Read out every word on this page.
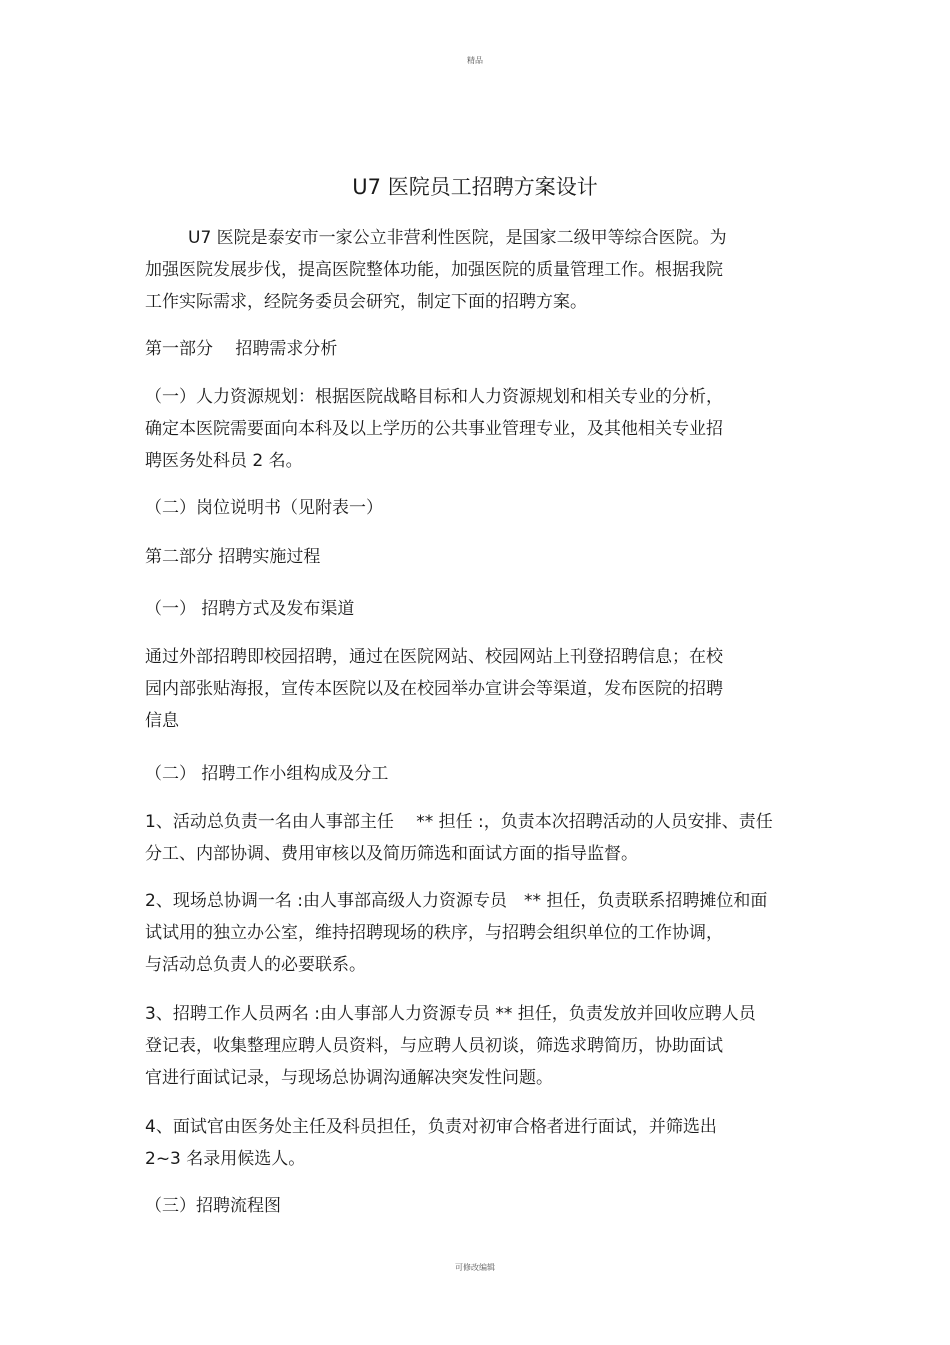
精品
U7 医院员工招聘方案设计
U7 医院是泰安市一家公立非营利性医院，是国家二级甲等综合医院。为
加强医院发展步伐，提高医院整体功能，加强医院的质量管理工作。根据我院
工作实际需求，经院务委员会研究，制定下面的招聘方案。
第一部分　 招聘需求分析
（一）人力资源规划：根据医院战略目标和人力资源规划和相关专业的分析，
确定本医院需要面向本科及以上学历的公共事业管理专业，及其他相关专业招
聘医务处科员 2 名。
（二）岗位说明书（见附表一）
第二部分 招聘实施过程
（一） 招聘方式及发布渠道
通过外部招聘即校园招聘，通过在医院网站、校园网站上刊登招聘信息；在校
园内部张贴海报，宣传本医院以及在校园举办宣讲会等渠道，发布医院的招聘
信息
（二） 招聘工作小组构成及分工
1、活动总负责一名由人事部主任　 ** 担任 :，负责本次招聘活动的人员安排、责任
分工、内部协调、费用审核以及简历筛选和面试方面的指导监督。
2、现场总协调一名 :由人事部高级人力资源专员　** 担任，负责联系招聘摊位和面
试试用的独立办公室，维持招聘现场的秩序，与招聘会组织单位的工作协调，
与活动总负责人的必要联系。
3、招聘工作人员两名 :由人事部人力资源专员 ** 担任，负责发放并回收应聘人员
登记表，收集整理应聘人员资料，与应聘人员初谈，筛选求聘简历，协助面试
官进行面试记录，与现场总协调沟通解决突发性问题。
4、面试官由医务处主任及科员担任，负责对初审合格者进行面试，并筛选出
2~3 名录用候选人。
（三）招聘流程图
可修改编辑
